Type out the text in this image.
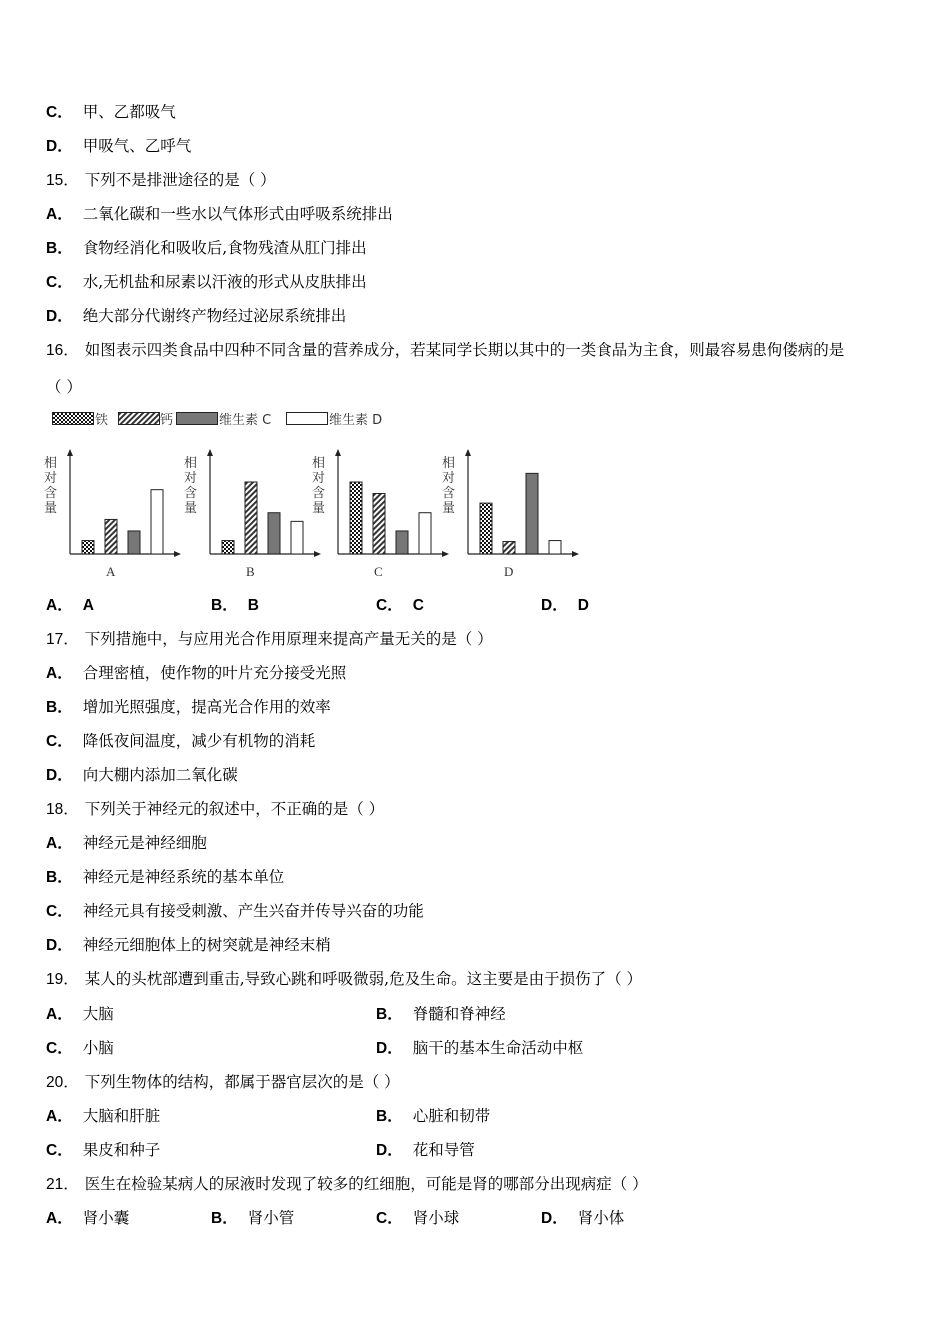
C． 甲、乙都吸气
D． 甲吸气、乙呼气
15． 下列不是排泄途径的是（ ）
A． 二氧化碳和一些水以气体形式由呼吸系统排出
B． 食物经消化和吸收后,食物残渣从肛门排出
C． 水,无机盐和尿素以汗液的形式从皮肤排出
D． 绝大部分代谢终产物经过泌尿系统排出
16． 如图表示四类食品中四种不同含量的营养成分，若某同学长期以其中的一类食品为主食，则最容易患佝偻病的是
（ ）
铁	钙	维生素 C	维生素 D
相对含量
A
相对含量
B
相对含量
C
相对含量
D
A． A	B． B	C． C	D． D
17． 下列措施中，与应用光合作用原理来提高产量无关的是（ ）
A． 合理密植，使作物的叶片充分接受光照
B． 增加光照强度，提高光合作用的效率
C． 降低夜间温度，减少有机物的消耗
D． 向大棚内添加二氧化碳
18． 下列关于神经元的叙述中，不正确的是（ ）
A． 神经元是神经细胞
B． 神经元是神经系统的基本单位
C． 神经元具有接受刺激、产生兴奋并传导兴奋的功能
D． 神经元细胞体上的树突就是神经末梢
19． 某人的头枕部遭到重击,导致心跳和呼吸微弱,危及生命。这主要是由于损伤了（ ）
A． 大脑	B． 脊髓和脊神经
C． 小脑	D． 脑干的基本生命活动中枢
20． 下列生物体的结构，都属于器官层次的是（ ）
A． 大脑和肝脏	B． 心脏和韧带
C． 果皮和种子	D． 花和导管
21． 医生在检验某病人的尿液时发现了较多的红细胞，可能是肾的哪部分出现病症（ ）
A． 肾小囊	B． 肾小管	C． 肾小球	D． 肾小体
